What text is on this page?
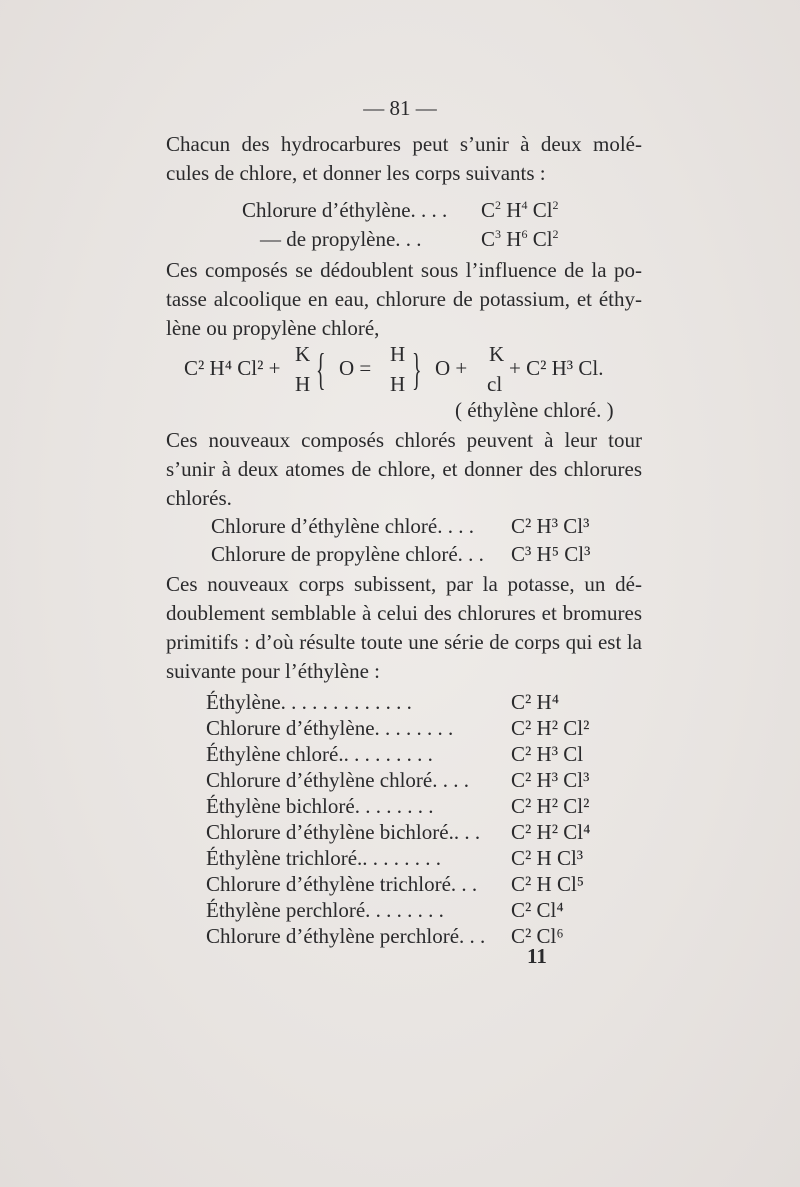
— 81 —
Chacun des hydrocarbures peut s’unir à deux molé-
cules de chlore, et donner les corps suivants :
Chlorure d’éthylène. . . . $C^2$ $H^4$ Cl$^2$
— de propylène. . .	$C^3$ $H^6$ Cl$^2$
Ces composés se dédoublent sous l’influence de la po-
tasse alcoolique en eau, chlorure de potassium, et éthy-
lène ou propylène chloré,
C² H⁴ Cl² +
K
H { O =
H
H } O +
K
cl
+ C² H³ Cl.
( éthylène chloré. )
Ces nouveaux composés chlorés peuvent à leur tour
s’unir à deux atomes de chlore, et donner des chlorures
chlorés.
Chlorure d’éthylène chloré. . . . C² H³ Cl³
Chlorure de propylène chloré. . . C³ H⁵ Cl³
Ces nouveaux corps subissent, par la potasse, un dé-
doublement semblable à celui des chlorures et bromures
primitifs : d’où résulte toute une série de corps qui est la
suivante pour l’éthylène :
Éthylène. . . . . . . . . . . . .	C² H⁴
Chlorure d’éthylène. . . . . . . .	C² H² Cl²
Éthylène chloré.. . . . . . . . .	C² H³ Cl
Chlorure d’éthylène chloré. . . . C² H³ Cl³
Éthylène bichloré. . . . . . . .	C² H² Cl²
Chlorure d’éthylène bichloré.. . . C² H² Cl⁴
Éthylène trichloré.. . . . . . . .	C² H Cl³
Chlorure d’éthylène trichloré. . . C² H Cl⁵
Éthylène perchloré. . . . . . . .	C² Cl⁴
Chlorure d’éthylène perchloré. . . C² Cl⁶
11
